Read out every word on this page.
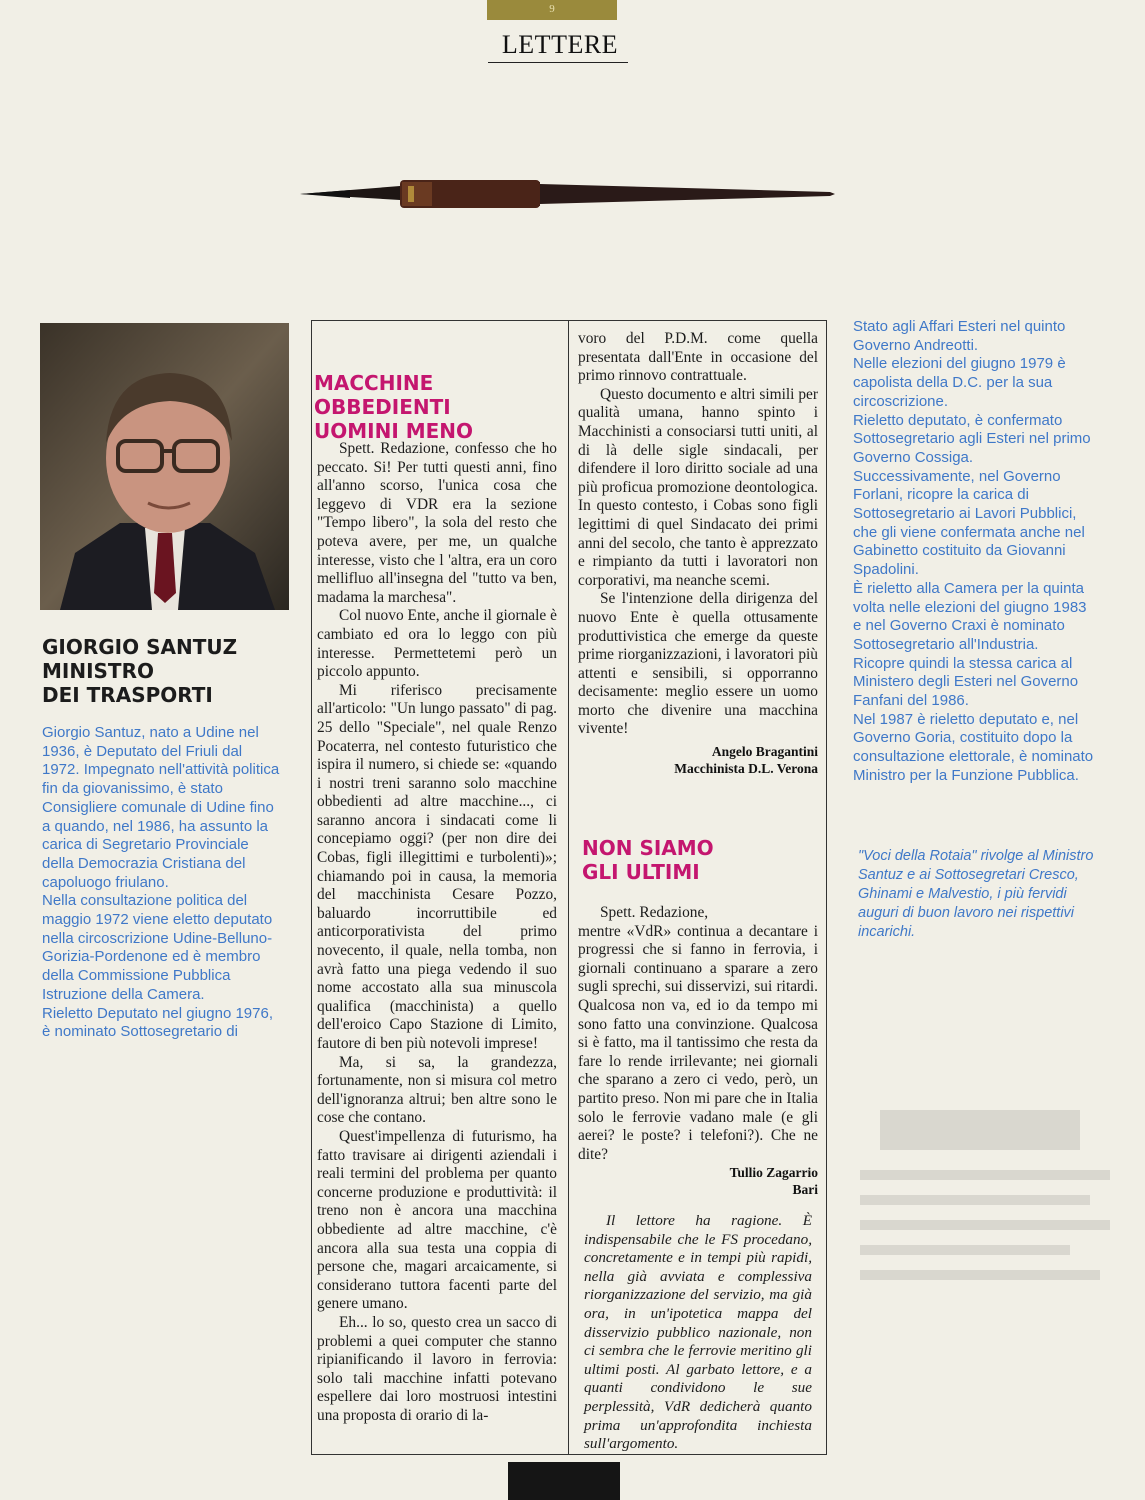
9
LETTERE
GIORGIO SANTUZ
MINISTRO
DEI TRASPORTI

Giorgio Santuz, nato a Udine nel 1936, è Deputato del Friuli dal 1972. Impegnato nell'attività politica fin da giovanissimo, è stato Consigliere comunale di Udine fino a quando, nel 1986, ha assunto la carica di Segretario Provinciale della Democrazia Cristiana del capoluogo friulano.

Nella consultazione politica del maggio 1972 viene eletto deputato nella circoscrizione Udine-Belluno-Gorizia-Pordenone ed è membro della Commissione Pubblica Istruzione della Camera.

Rieletto Deputato nel giugno 1976, è nominato Sottosegretario di

MACCHINE
OBBEDIENTI
UOMINI MENO

Spett. Redazione, confesso che ho peccato. Si! Per tutti questi anni, fino all'anno scorso, l'unica cosa che leggevo di VDR era la sezione "Tempo libero", la sola del resto che poteva avere, per me, un qualche interesse, visto che l 'altra, era un coro mellifluo all'insegna del "tutto va ben, madama la marchesa".

Col nuovo Ente, anche il giornale è cambiato ed ora lo leggo con più interesse. Permettetemi però un piccolo appunto.

Mi riferisco precisamente all'articolo: "Un lungo passato" di pag. 25 dello "Speciale", nel quale Renzo Pocaterra, nel contesto futuristico che ispira il numero, si chiede se: «quando i nostri treni saranno solo macchine obbedienti ad altre macchine..., ci saranno ancora i sindacati come li concepiamo oggi? (per non dire dei Cobas, figli illegittimi e turbolenti)»; chiamando poi in causa, la memoria del macchinista Cesare Pozzo, baluardo incorruttibile ed anticorporativista del primo novecento, il quale, nella tomba, non avrà fatto una piega vedendo il suo nome accostato alla sua minuscola qualifica (macchinista) a quello dell'eroico Capo Stazione di Limito, fautore di ben più notevoli imprese!

Ma, si sa, la grandezza, fortunamente, non si misura col metro dell'ignoranza altrui; ben altre sono le cose che contano.

Quest'impellenza di futurismo, ha fatto travisare ai dirigenti aziendali i reali termini del problema per quanto concerne produzione e produttività: il treno non è ancora una macchina obbediente ad altre macchine, c'è ancora alla sua testa una coppia di persone che, magari arcaicamente, si considerano tuttora facenti parte del genere umano.

Eh... lo so, questo crea un sacco di problemi a quei computer che stanno ripianificando il lavoro in ferrovia: solo tali macchine infatti potevano espellere dai loro mostruosi intestini una proposta di orario di la-

voro del P.D.M. come quella presentata dall'Ente in occasione del primo rinnovo contrattuale.

Questo documento e altri simili per qualità umana, hanno spinto i Macchinisti a consociarsi tutti uniti, al di là delle sigle sindacali, per difendere il loro diritto sociale ad una più proficua promozione deontologica. In questo contesto, i Cobas sono figli legittimi di quel Sindacato dei primi anni del secolo, che tanto è apprezzato e rimpianto da tutti i lavoratori non corporativi, ma neanche scemi.

Se l'intenzione della dirigenza del nuovo Ente è quella ottusamente produttivistica che emerge da queste prime riorganizzazioni, i lavoratori più attenti e sensibili, si opporranno decisamente: meglio essere un uomo morto che divenire una macchina vivente!

Angelo Bragantini
Macchinista D.L. Verona
NON SIAMO
GLI ULTIMI

Spett. Redazione,

mentre «VdR» continua a decantare i progressi che si fanno in ferrovia, i giornali continuano a sparare a zero sugli sprechi, sui disservizi, sui ritardi. Qualcosa non va, ed io da tempo mi sono fatto una convinzione. Qualcosa si è fatto, ma il tantissimo che resta da fare lo rende irrilevante; nei giornali che sparano a zero ci vedo, però, un partito preso. Non mi pare che in Italia solo le ferrovie vadano male (e gli aerei? le poste? i telefoni?). Che ne dite?

Tullio Zagarrio
Bari

Il lettore ha ragione. È indispensabile che le FS procedano, concretamente e in tempi più rapidi, nella già avviata e complessiva riorganizzazione del servizio, ma già ora, in un'ipotetica mappa del disservizio pubblico nazionale, non ci sembra che le ferrovie meritino gli ultimi posti. Al garbato lettore, e a quanti condividono le sue perplessità, VdR dedicherà quanto prima un'approfondita inchiesta sull'argomento.

Stato agli Affari Esteri nel quinto Governo Andreotti.

Nelle elezioni del giugno 1979 è capolista della D.C. per la sua circoscrizione.

Rieletto deputato, è confermato Sottosegretario agli Esteri nel primo Governo Cossiga.

Successivamente, nel Governo Forlani, ricopre la carica di Sottosegretario ai Lavori Pubblici, che gli viene confermata anche nel Gabinetto costituito da Giovanni Spadolini.

È rieletto alla Camera per la quinta volta nelle elezioni del giugno 1983 e nel Governo Craxi è nominato Sottosegretario all'Industria.

Ricopre quindi la stessa carica al Ministero degli Esteri nel Governo Fanfani del 1986.

Nel 1987 è rieletto deputato e, nel Governo Goria, costituito dopo la consultazione elettorale, è nominato Ministro per la Funzione Pubblica.

"Voci della Rotaia" rivolge al Ministro Santuz e ai Sottosegretari Cresco, Ghinami e Malvestio, i più fervidi auguri di buon lavoro nei rispettivi incarichi.
